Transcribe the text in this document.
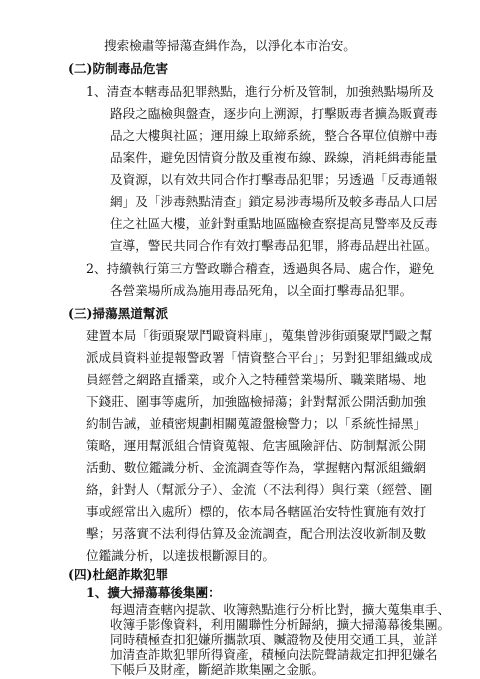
搜索檢肅等掃蕩查緝作為，以淨化本市治安。
(二)防制毒品危害
1、清查本轄毒品犯罪熱點，進行分析及管制，加強熱點場所及
路段之臨檢與盤查，逐步向上溯源，打擊販毒者擴為販賣毒
品之大樓與社區；運用線上取締系統，整合各單位偵辦中毒
品案件，避免因情資分散及重複布線、跺線，消耗緝毒能量
及資源，以有效共同合作打擊毒品犯罪；另透過「反毒通報
網」及「涉毒熱點清查」鎖定易涉毒場所及較多毒品人口居
住之社區大樓，並針對重點地區臨檢查察提高見警率及反毒
宣導，警民共同合作有效打擊毒品犯罪，將毒品趕出社區。
2、持續執行第三方警政聯合稽查，透過與各局、處合作，避免
各營業場所成為施用毒品死角，以全面打擊毒品犯罪。
(三)掃蕩黑道幫派
建置本局「街頭聚眾鬥毆資料庫」，蒐集曾涉街頭聚眾鬥毆之幫
派成員資料並提報警政署「情資整合平台」；另對犯罪組織或成
員經營之網路直播業，或介入之特種營業場所、職業賭場、地
下錢莊、圍事等處所，加強臨檢掃蕩；針對幫派公開活動加強
約制告誡，並積密規劃相關蒐證盤檢警力；以「系統性掃黑」
策略，運用幫派組合情資蒐報、危害風險評估、防制幫派公開
活動、數位鑑識分析、金流調查等作為，掌握轄內幫派組織網
絡，針對人（幫派分子）、金流（不法利得）與行業（經營、圍
事或經常出入處所）標的，依本局各轄區治安特性實施有效打
擊；另落實不法利得估算及金流調查，配合刑法沒收新制及數
位鑑識分析，以達拔根斷源目的。
(四)杜絕詐欺犯罪
1、擴大掃蕩幕後集團：
每週清查轄內提款、收簿熱點進行分析比對，擴大蒐集車手、
收簿手影像資料，利用關聯性分析歸納，擴大掃蕩幕後集團。
同時積極查扣犯嫌所攜款項、贓證物及使用交通工具，並詳
加清查詐欺犯罪所得資產，積極向法院聲請裁定扣押犯嫌名
下帳戶及財產，斷絕詐欺集團之金脈。
